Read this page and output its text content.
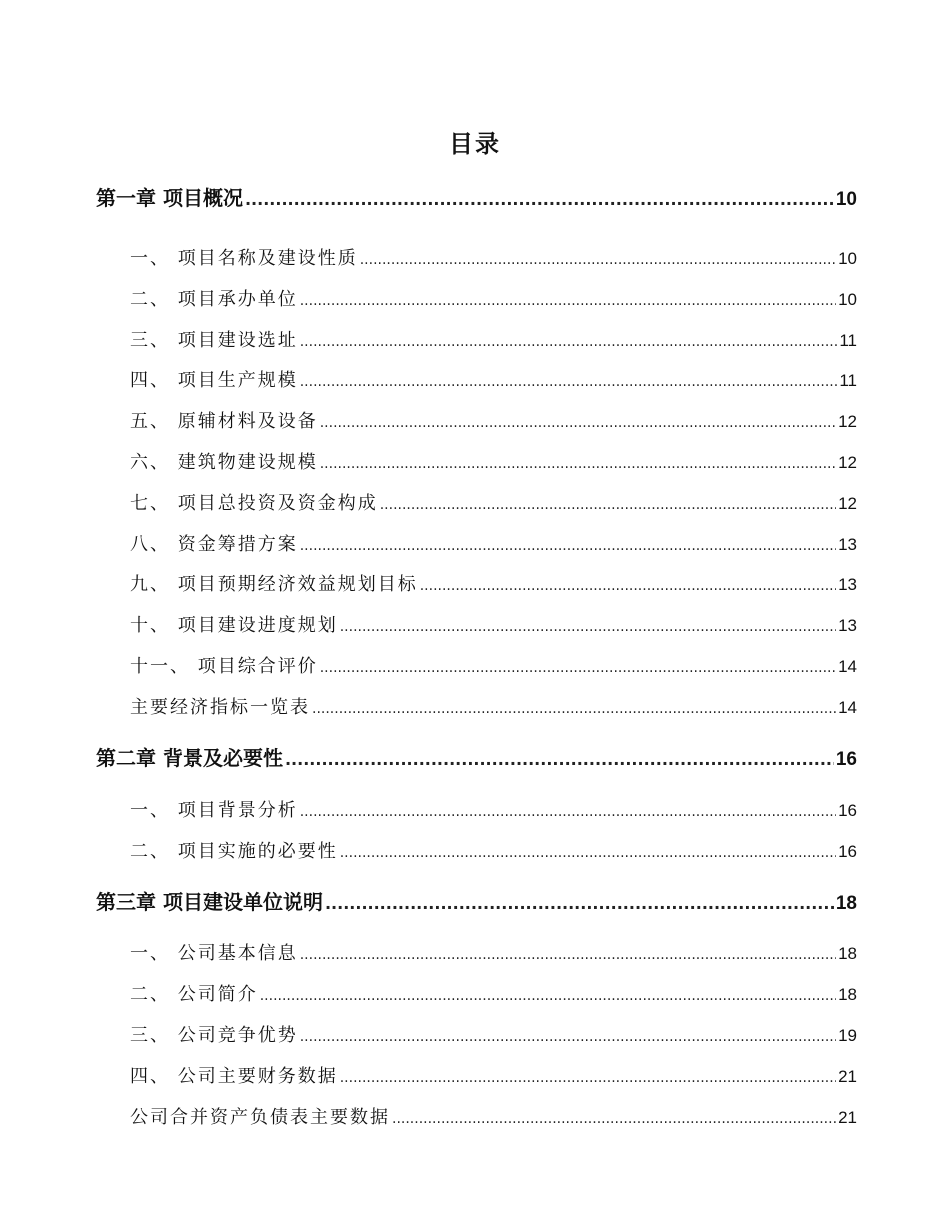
目录
第一章 项目概况 .....	10
一、 项目名称及建设性质 .....	10
二、 项目承办单位 .....	10
三、 项目建设选址 .....	11
四、 项目生产规模 .....	11
五、 原辅材料及设备 .....	12
六、 建筑物建设规模 .....	12
七、 项目总投资及资金构成 .....	12
八、 资金筹措方案 .....	13
九、 项目预期经济效益规划目标 .....	13
十、 项目建设进度规划 .....	13
十一、 项目综合评价 .....	14
主要经济指标一览表 .....	14
第二章 背景及必要性 .....	16
一、 项目背景分析 .....	16
二、 项目实施的必要性 .....	16
第三章 项目建设单位说明 .....	18
一、 公司基本信息 .....	18
二、 公司简介 .....	18
三、 公司竞争优势 .....	19
四、 公司主要财务数据 .....	21
公司合并资产负债表主要数据 .....	21
